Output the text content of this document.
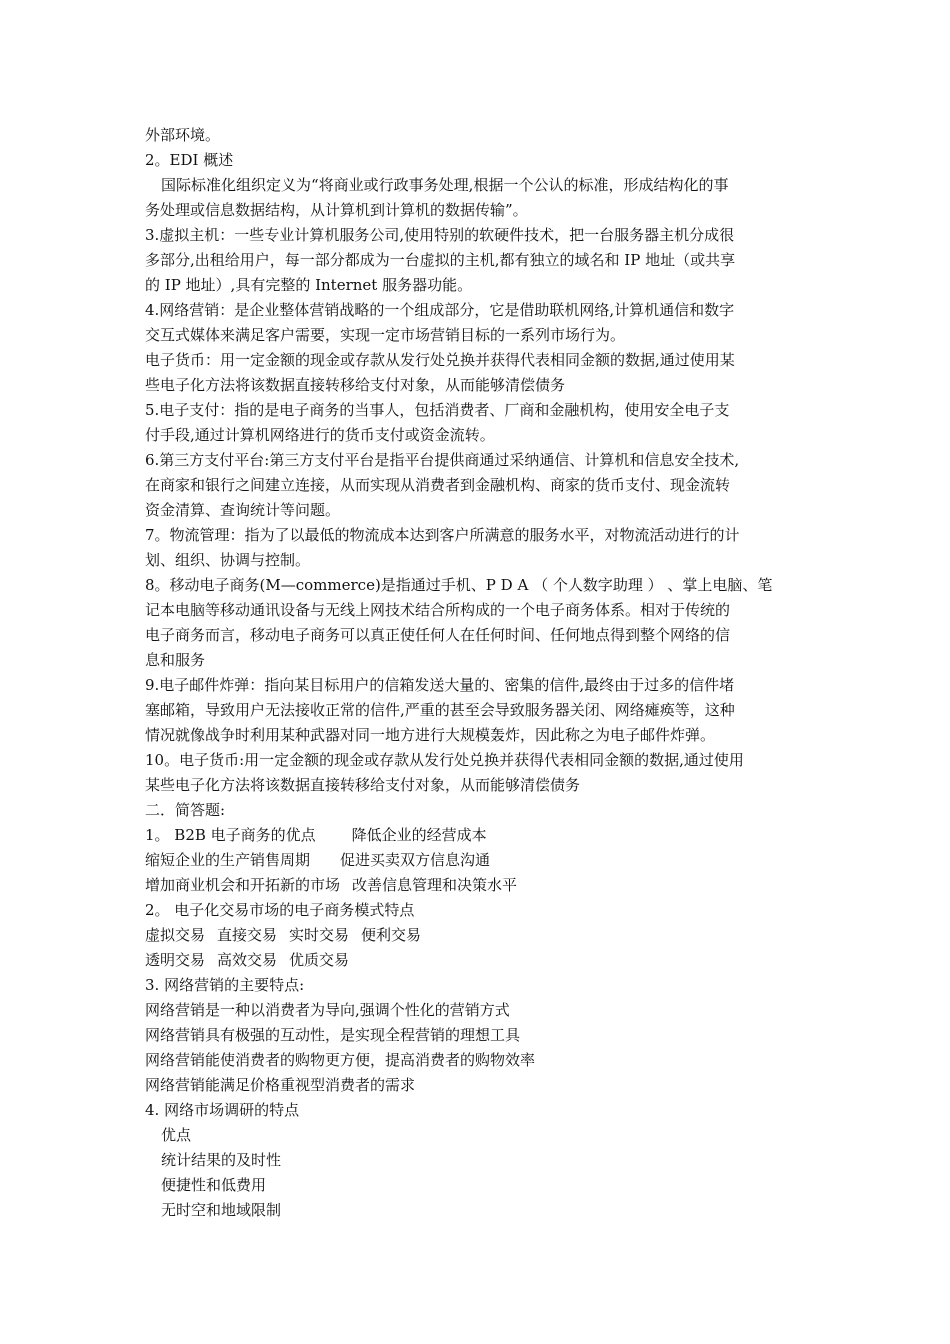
外部环境。
2。EDI 概述
国际标准化组织定义为“将商业或行政事务处理,根据一个公认的标准，形成结构化的事
务处理或信息数据结构，从计算机到计算机的数据传输”。
3.虚拟主机：一些专业计算机服务公司,使用特别的软硬件技术，把一台服务器主机分成很
多部分,出租给用户，每一部分都成为一台虚拟的主机,都有独立的域名和 IP 地址（或共享
的 IP 地址）,具有完整的 Internet 服务器功能。
4.网络营销：是企业整体营销战略的一个组成部分，它是借助联机网络,计算机通信和数字
交互式媒体来满足客户需要，实现一定市场营销目标的一系列市场行为。
电子货币：用一定金额的现金或存款从发行处兑换并获得代表相同金额的数据,通过使用某
些电子化方法将该数据直接转移给支付对象，从而能够清偿债务
5.电子支付：指的是电子商务的当事人，包括消费者、厂商和金融机构，使用安全电子支
付手段,通过计算机网络进行的货币支付或资金流转。
6.第三方支付平台:第三方支付平台是指平台提供商通过采纳通信、计算机和信息安全技术,
在商家和银行之间建立连接，从而实现从消费者到金融机构、商家的货币支付、现金流转
资金清算、查询统计等问题。
7。物流管理：指为了以最低的物流成本达到客户所满意的服务水平，对物流活动进行的计
划、组织、协调与控制。
8。移动电子商务(M—commerce)是指通过手机、P D A （ 个人数字助理 ） 、掌上电脑、笔
记本电脑等移动通讯设备与无线上网技术结合所构成的一个电子商务体系。相对于传统的
电子商务而言，移动电子商务可以真正使任何人在任何时间、任何地点得到整个网络的信
息和服务
9.电子邮件炸弹：指向某目标用户的信箱发送大量的、密集的信件,最终由于过多的信件堵
塞邮箱，导致用户无法接收正常的信件,严重的甚至会导致服务器关闭、网络瘫痪等，这种
情况就像战争时利用某种武器对同一地方进行大规模轰炸，因此称之为电子邮件炸弹。
10。电子货币:用一定金额的现金或存款从发行处兑换并获得代表相同金额的数据,通过使用
某些电子化方法将该数据直接转移给支付对象，从而能够清偿债务
二．简答题:
1。 B2B 电子商务的优点 降低企业的经营成本
缩短企业的生产销售周期 促进买卖双方信息沟通
增加商业机会和开拓新的市场 改善信息管理和决策水平
2。 电子化交易市场的电子商务模式特点
虚拟交易 直接交易 实时交易 便利交易
透明交易 高效交易 优质交易
3. 网络营销的主要特点:
网络营销是一种以消费者为导向,强调个性化的营销方式
网络营销具有极强的互动性，是实现全程营销的理想工具
网络营销能使消费者的购物更方便，提高消费者的购物效率
网络营销能满足价格重视型消费者的需求
4. 网络市场调研的特点
优点
统计结果的及时性
便捷性和低费用
无时空和地域限制
